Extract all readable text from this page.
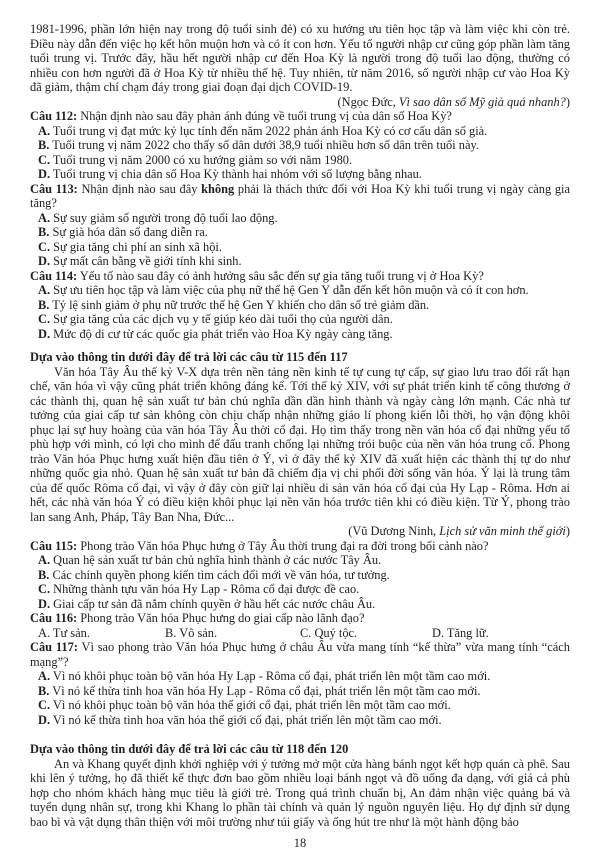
1981-1996, phần lớn hiện nay trong độ tuổi sinh đẻ) có xu hướng ưu tiên học tập và làm việc khi còn trẻ. Điều này dẫn đến việc họ kết hôn muộn hơn và có ít con hơn. Yếu tố người nhập cư cũng góp phần làm tăng tuổi trung vị. Trước đây, hầu hết người nhập cư đến Hoa Kỳ là người trong độ tuổi lao động, thường có nhiều con hơn người đã ở Hoa Kỳ từ nhiều thế hệ. Tuy nhiên, từ năm 2016, số người nhập cư vào Hoa Kỳ đã giảm, thậm chí chạm đáy trong giai đoạn đại dịch COVID-19.

(Ngọc Đức, Vì sao dân số Mỹ già quá nhanh?)

Câu 112: Nhận định nào sau đây phản ánh đúng về tuổi trung vị của dân số Hoa Kỳ?

A. Tuổi trung vị đạt mức kỷ lục tính đến năm 2022 phản ánh Hoa Kỳ có cơ cấu dân số già.

B. Tuổi trung vị năm 2022 cho thấy số dân dưới 38,9 tuổi nhiều hơn số dân trên tuổi này.

C. Tuổi trung vị năm 2000 có xu hướng giảm so với năm 1980.

D. Tuổi trung vị chia dân số Hoa Kỳ thành hai nhóm với số lượng bằng nhau.

Câu 113: Nhận định nào sau đây không phải là thách thức đối với Hoa Kỳ khi tuổi trung vị ngày càng gia tăng?

A. Sự suy giảm số người trong độ tuổi lao động.

B. Sự già hóa dân số đang diễn ra.

C. Sự gia tăng chi phí an sinh xã hội.

D. Sự mất cân bằng về giới tính khi sinh.

Câu 114: Yếu tố nào sau đây có ảnh hưởng sâu sắc đến sự gia tăng tuổi trung vị ở Hoa Kỳ?

A. Sự ưu tiên học tập và làm việc của phụ nữ thế hệ Gen Y dẫn đến kết hôn muộn và có ít con hơn.

B. Tỷ lệ sinh giảm ở phụ nữ trước thế hệ Gen Y khiến cho dân số trẻ giảm dần.

C. Sự gia tăng của các dịch vụ y tế giúp kéo dài tuổi thọ của người dân.

D. Mức độ di cư từ các quốc gia phát triển vào Hoa Kỳ ngày càng tăng.

Dựa vào thông tin dưới đây để trả lời các câu từ 115 đến 117

Văn hóa Tây Âu thế kỷ V-X dựa trên nền tảng nền kinh tế tự cung tự cấp, sự giao lưu trao đổi rất hạn chế, văn hóa vì vậy cũng phát triển không đáng kể. Tới thế kỷ XIV, với sự phát triển kinh tế công thương ở các thành thị, quan hệ sản xuất tư bản chủ nghĩa dần dần hình thành và ngày càng lớn mạnh. Các nhà tư tưởng của giai cấp tư sản không còn chịu chấp nhận những giáo lí phong kiến lỗi thời, họ vận động khôi phục lại sự huy hoàng của văn hóa Tây Âu thời cổ đại. Họ tìm thấy trong nền văn hóa cổ đại những yếu tố phù hợp với mình, có lợi cho mình để đấu tranh chống lại những trói buộc của nền văn hóa trung cổ. Phong trào Văn hóa Phục hưng xuất hiện đầu tiên ở Ý, vì ở đây thế kỷ XIV đã xuất hiện các thành thị tự do như những quốc gia nhỏ. Quan hệ sản xuất tư bản đã chiếm địa vị chi phối đời sống văn hóa. Ý lại là trung tâm của đế quốc Rôma cổ đại, vì vậy ở đây còn giữ lại nhiều di sản văn hóa cổ đại của Hy Lạp - Rôma. Hơn ai hết, các nhà văn hóa Ý có điều kiện khôi phục lại nền văn hóa trước tiên khi có điều kiện. Từ Ý, phong trào lan sang Anh, Pháp, Tây Ban Nha, Đức...

(Vũ Dương Ninh, Lịch sử văn minh thế giới)

Câu 115: Phong trào Văn hóa Phục hưng ở Tây Âu thời trung đại ra đời trong bối cảnh nào?

A. Quan hệ sản xuất tư bản chủ nghĩa hình thành ở các nước Tây Âu.

B. Các chính quyền phong kiến tìm cách đổi mới về văn hóa, tư tưởng.

C. Những thành tựu văn hóa Hy Lạp - Rôma cổ đại được đề cao.

D. Giai cấp tư sản đã nắm chính quyền ở hầu hết các nước châu Âu.

Câu 116: Phong trào Văn hóa Phục hưng do giai cấp nào lãnh đạo?

A. Tư sản.	B. Vô sản.	C. Quý tộc.	D. Tăng lữ.

Câu 117: Vì sao phong trào Văn hóa Phục hưng ở châu Âu vừa mang tính “kế thừa” vừa mang tính “cách mạng”?

A. Vì nó khôi phục toàn bộ văn hóa Hy Lạp - Rôma cổ đại, phát triển lên một tầm cao mới.

B. Vì nó kế thừa tinh hoa văn hóa Hy Lạp - Rôma cổ đại, phát triển lên một tầm cao mới.

C. Vì nó khôi phục toàn bộ văn hóa thế giới cổ đại, phát triển lên một tầm cao mới.

D. Vì nó kế thừa tinh hoa văn hóa thế giới cổ đại, phát triển lên một tầm cao mới.

Dựa vào thông tin dưới đây để trả lời các câu từ 118 đến 120

An và Khang quyết định khởi nghiệp với ý tưởng mở một cửa hàng bánh ngọt kết hợp quán cà phê. Sau khi lên ý tưởng, họ đã thiết kế thực đơn bao gồm nhiều loại bánh ngọt và đồ uống đa dạng, với giá cả phù hợp cho nhóm khách hàng mục tiêu là giới trẻ. Trong quá trình chuẩn bị, An đảm nhận việc quảng bá và tuyển dụng nhân sự, trong khi Khang lo phần tài chính và quản lý nguồn nguyên liệu. Họ dự định sử dụng bao bì và vật dụng thân thiện với môi trường như túi giấy và ống hút tre như là một hành động bảo

18
